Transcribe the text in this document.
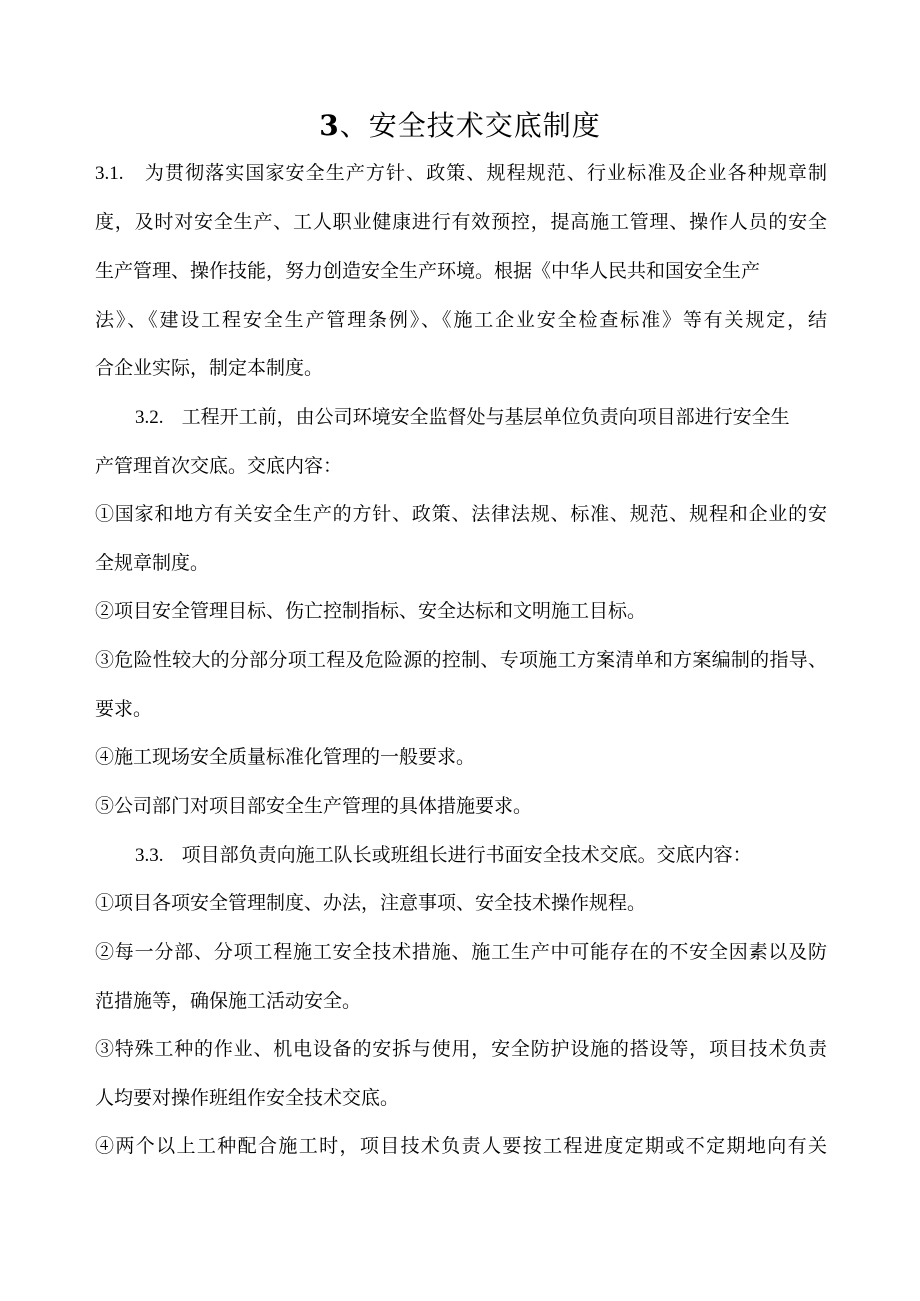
3、安全技术交底制度
3.1. 为贯彻落实国家安全生产方针、政策、规程规范、行业标准及企业各种规章制
度，及时对安全生产、工人职业健康进行有效预控，提高施工管理、操作人员的安全
生产管理、操作技能，努力创造安全生产环境。根据《中华人民共和国安全生产
法》、《建设工程安全生产管理条例》、《施工企业安全检查标准》等有关规定，结
合企业实际，制定本制度。
3.2. 工程开工前，由公司环境安全监督处与基层单位负责向项目部进行安全生
产管理首次交底。交底内容：
①国家和地方有关安全生产的方针、政策、法律法规、标准、规范、规程和企业的安
全规章制度。
②项目安全管理目标、伤亡控制指标、安全达标和文明施工目标。
③危险性较大的分部分项工程及危险源的控制、专项施工方案清单和方案编制的指导、
要求。
④施工现场安全质量标准化管理的一般要求。
⑤公司部门对项目部安全生产管理的具体措施要求。
3.3. 项目部负责向施工队长或班组长进行书面安全技术交底。交底内容：
①项目各项安全管理制度、办法，注意事项、安全技术操作规程。
②每一分部、分项工程施工安全技术措施、施工生产中可能存在的不安全因素以及防
范措施等，确保施工活动安全。
③特殊工种的作业、机电设备的安拆与使用，安全防护设施的搭设等，项目技术负责
人均要对操作班组作安全技术交底。
④两个以上工种配合施工时，项目技术负责人要按工程进度定期或不定期地向有关
